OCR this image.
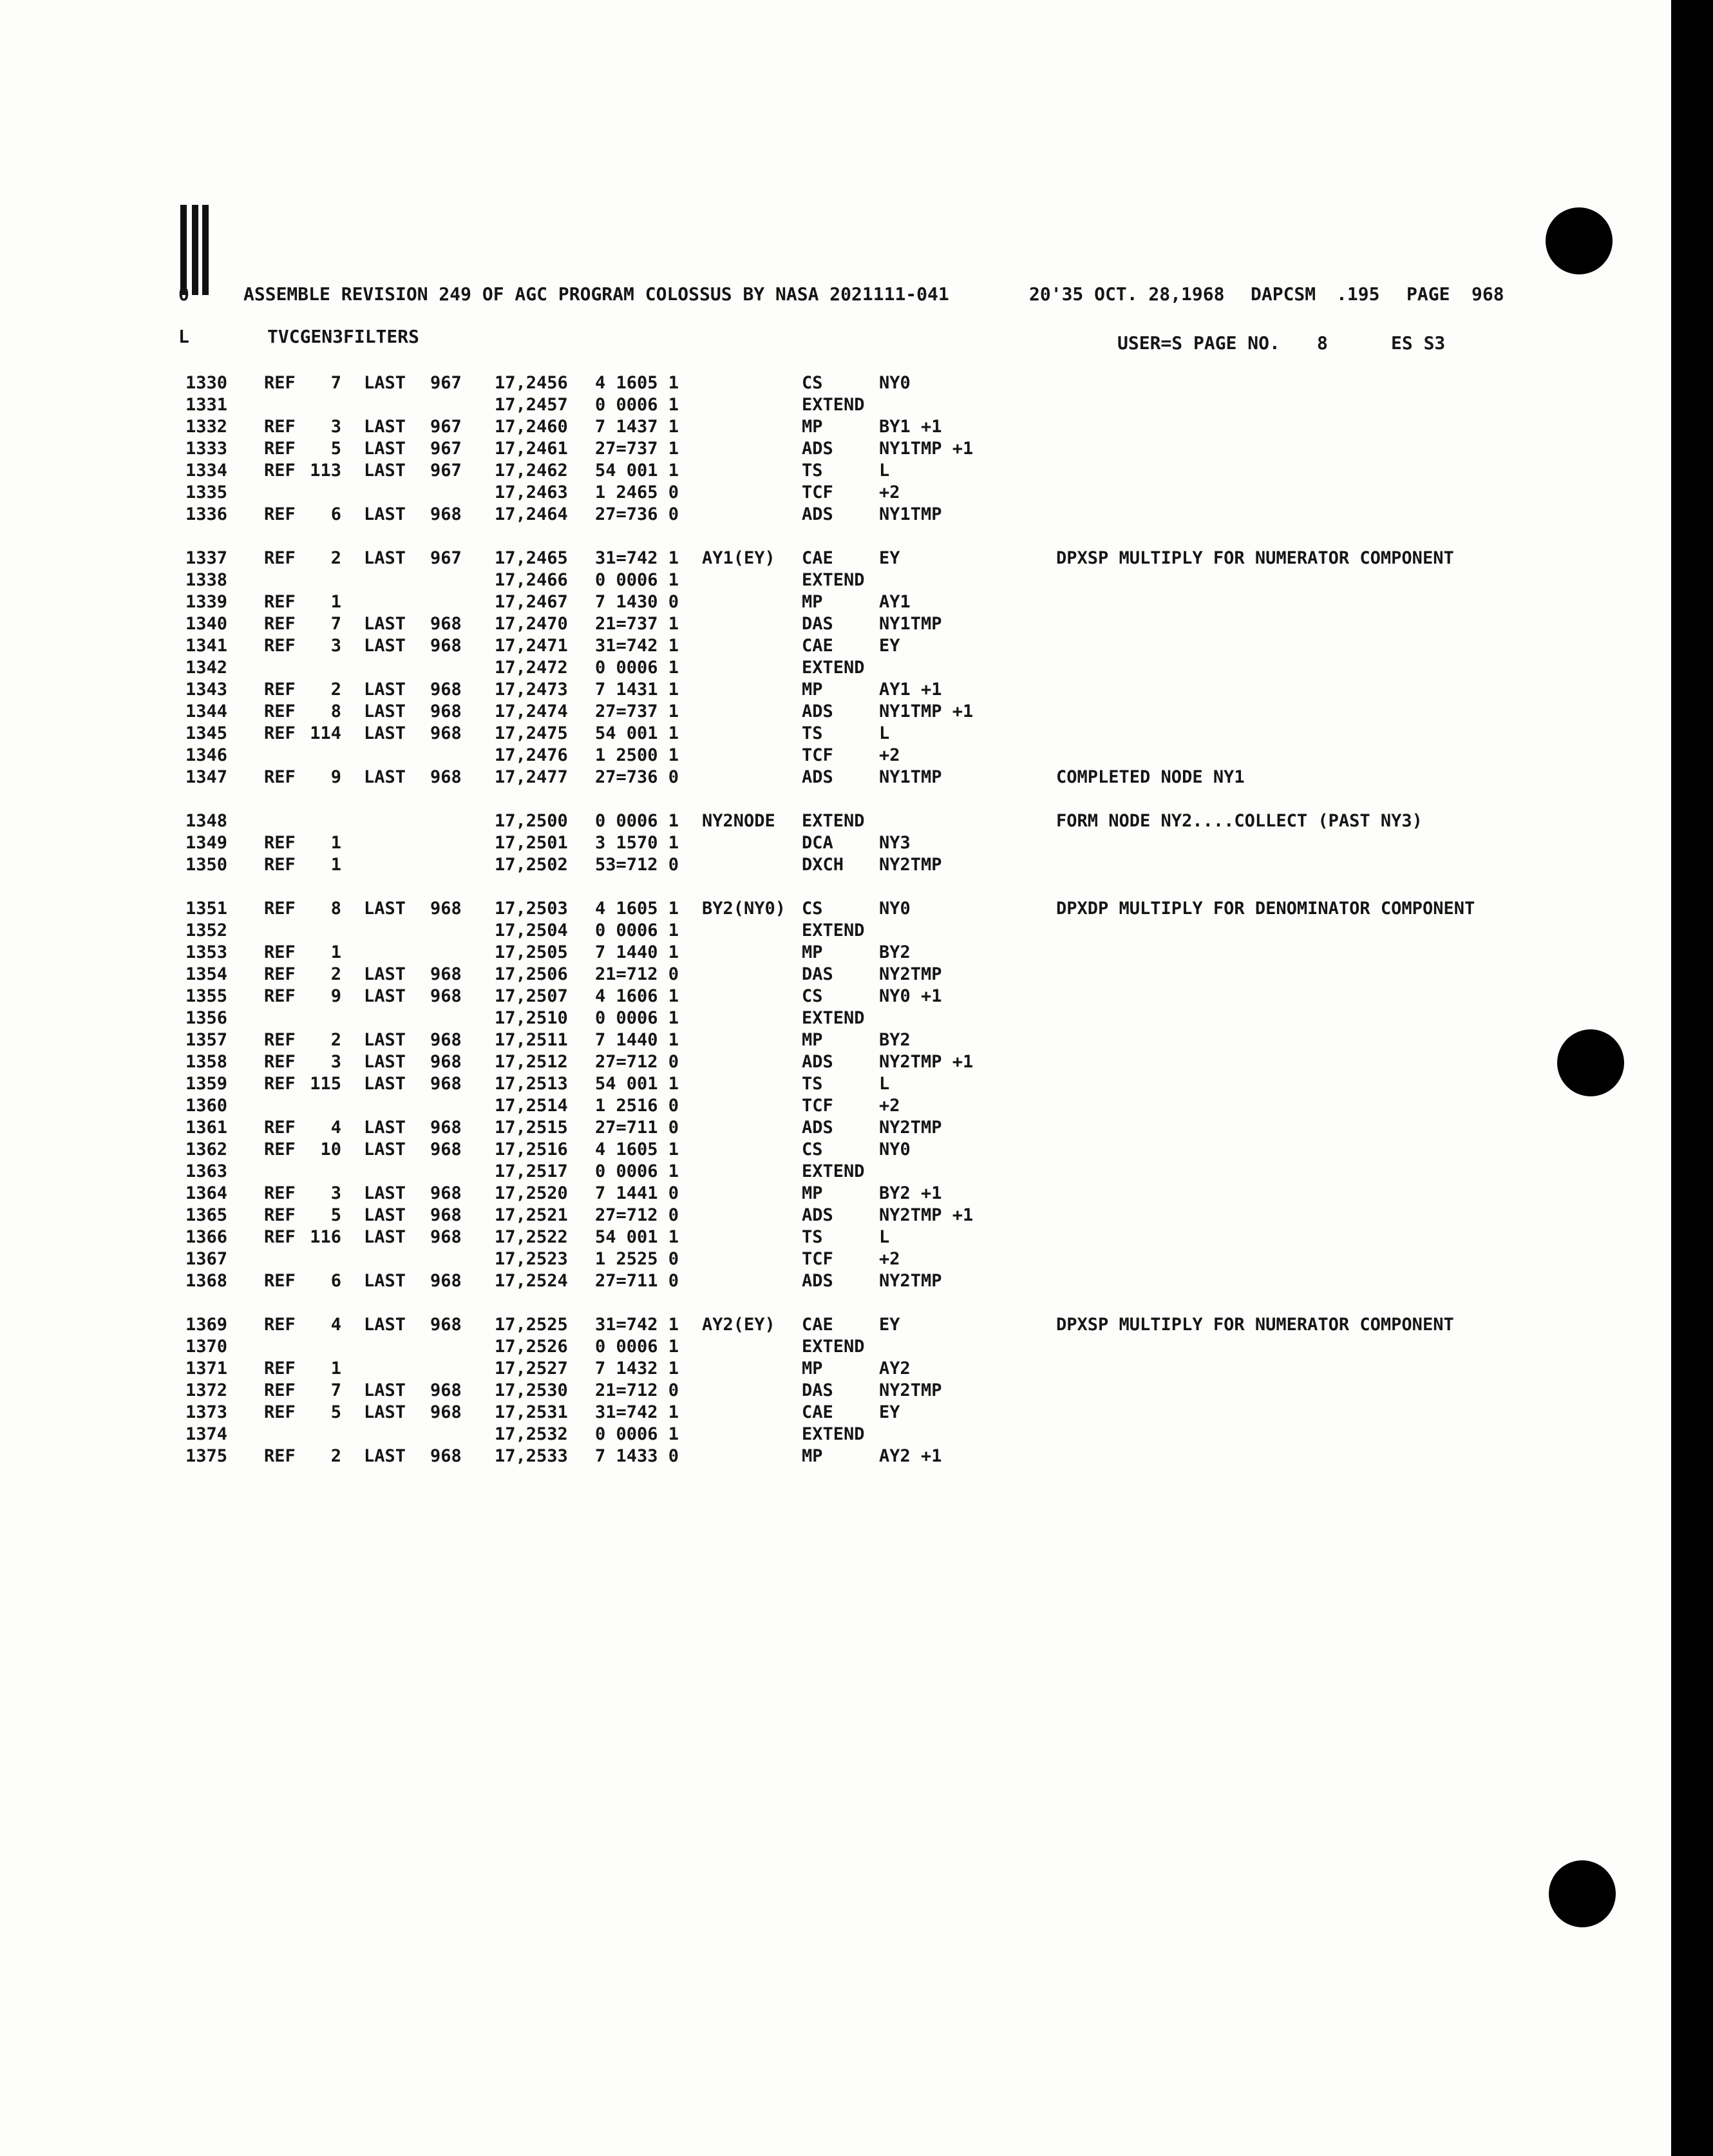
0	ASSEMBLE REVISION 249 OF AGC PROGRAM COLOSSUS BY NASA 2021111-041	20'35 OCT. 28,1968 DAPCSM .195 PAGE 968
L	TVCGEN3FILTERS	USER=S PAGE NO. 8	ES S3
1330 REF	7 LAST 967 17,2456 4 1605 1	CS	NY0
1331	17,2457 0 0006 1	EXTEND
1332 REF	3 LAST 967 17,2460 7 1437 1	MP	BY1 +1
1333 REF	5 LAST 967 17,2461 27=737 1	ADS	NY1TMP +1
1334 REF 113 LAST 967 17,2462 54 001 1	TS	L
1335	17,2463 1 2465 0	TCF	+2
1336 REF	6 LAST 968 17,2464 27=736 0	ADS	NY1TMP
1337 REF	2 LAST 967 17,2465 31=742 1 AY1(EY) CAE	EY	DPXSP MULTIPLY FOR NUMERATOR COMPONENT
1338	17,2466 0 0006 1	EXTEND
1339 REF	1	17,2467 7 1430 0	MP	AY1
1340 REF	7 LAST 968 17,2470 21=737 1	DAS	NY1TMP
1341 REF	3 LAST 968 17,2471 31=742 1	CAE	EY
1342	17,2472 0 0006 1	EXTEND
1343 REF	2 LAST 968 17,2473 7 1431 1	MP	AY1 +1
1344 REF	8 LAST 968 17,2474 27=737 1	ADS	NY1TMP +1
1345 REF 114 LAST 968 17,2475 54 001 1	TS	L
1346	17,2476 1 2500 1	TCF	+2
1347 REF	9 LAST 968 17,2477 27=736 0	ADS	NY1TMP	COMPLETED NODE NY1
1348	17,2500 0 0006 1 NY2NODE EXTEND	FORM NODE NY2....COLLECT (PAST NY3)
1349 REF	1	17,2501 3 1570 1	DCA	NY3
1350 REF	1	17,2502 53=712 0	DXCH NY2TMP
1351 REF	8 LAST 968 17,2503 4 1605 1 BY2(NY0) CS	NY0	DPXDP MULTIPLY FOR DENOMINATOR COMPONENT
1352	17,2504 0 0006 1	EXTEND
1353 REF	1	17,2505 7 1440 1	MP	BY2
1354 REF	2 LAST 968 17,2506 21=712 0	DAS	NY2TMP
1355 REF	9 LAST 968 17,2507 4 1606 1	CS	NY0 +1
1356	17,2510 0 0006 1	EXTEND
1357 REF	2 LAST 968 17,2511 7 1440 1	MP	BY2
1358 REF	3 LAST 968 17,2512 27=712 0	ADS	NY2TMP +1
1359 REF 115 LAST 968 17,2513 54 001 1	TS	L
1360	17,2514 1 2516 0	TCF	+2
1361 REF	4 LAST 968 17,2515 27=711 0	ADS	NY2TMP
1362 REF	10 LAST 968 17,2516 4 1605 1	CS	NY0
1363	17,2517 0 0006 1	EXTEND
1364 REF	3 LAST 968 17,2520 7 1441 0	MP	BY2 +1
1365 REF	5 LAST 968 17,2521 27=712 0	ADS	NY2TMP +1
1366 REF 116 LAST 968 17,2522 54 001 1	TS	L
1367	17,2523 1 2525 0	TCF	+2
1368 REF	6 LAST 968 17,2524 27=711 0	ADS	NY2TMP
1369 REF	4 LAST 968 17,2525 31=742 1 AY2(EY) CAE	EY	DPXSP MULTIPLY FOR NUMERATOR COMPONENT
1370	17,2526 0 0006 1	EXTEND
1371 REF	1	17,2527 7 1432 1	MP	AY2
1372 REF	7 LAST 968 17,2530 21=712 0	DAS	NY2TMP
1373 REF	5 LAST 968 17,2531 31=742 1	CAE	EY
1374	17,2532 0 0006 1	EXTEND
1375 REF	2 LAST 968 17,2533 7 1433 0	MP	AY2 +1
